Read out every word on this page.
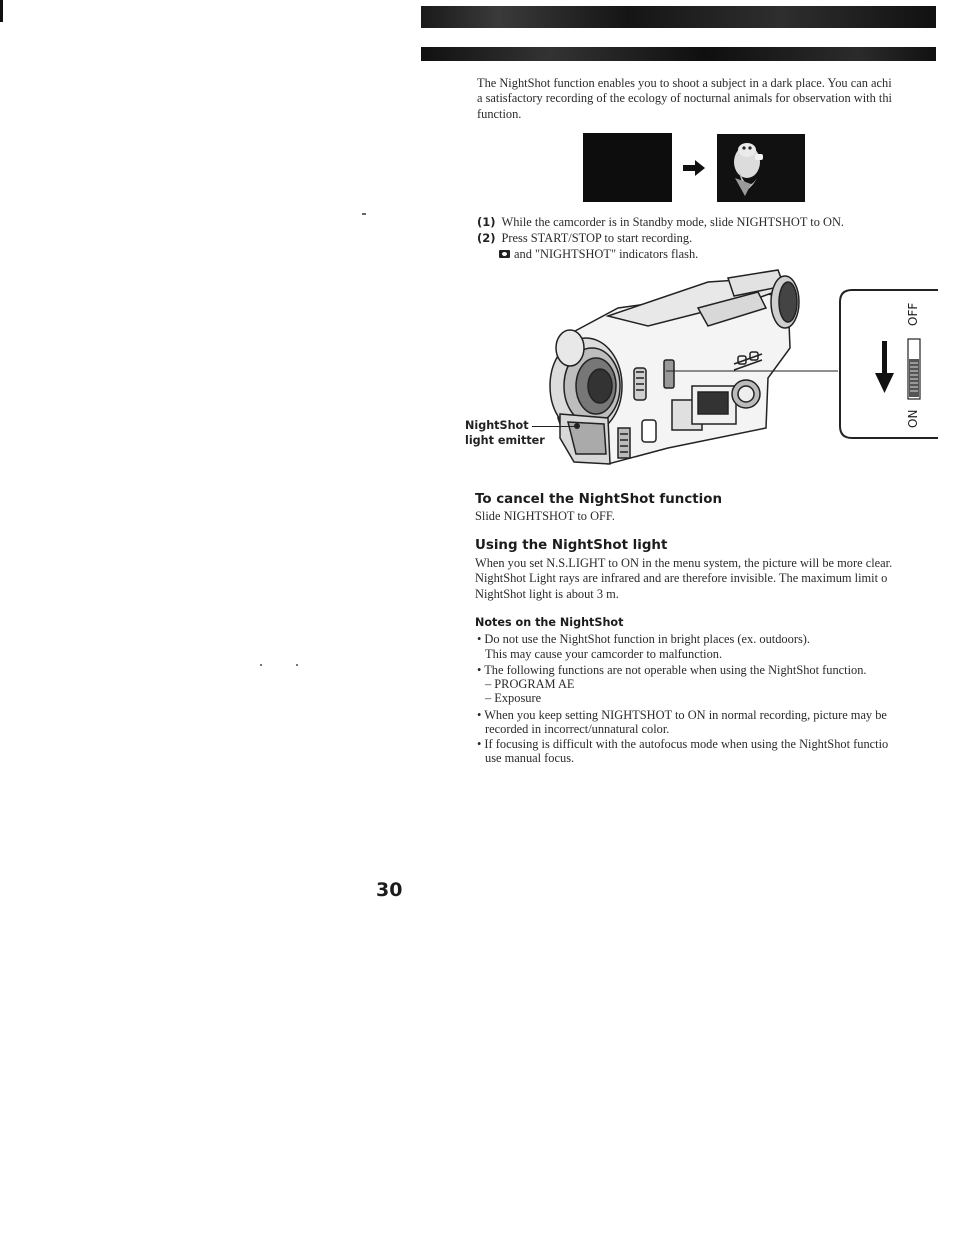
The NightShot function enables you to shoot a subject in a dark place. You can achi
a satisfactory recording of the ecology of nocturnal animals for observation with thi
function.
(1) While the camcorder is in Standby mode, slide NIGHTSHOT to ON.
(2) Press START/STOP to start recording.
and "NIGHTSHOT" indicators flash.
NightShot
light emitter
OFF
ON
To cancel the NightShot function
Slide NIGHTSHOT to OFF.
Using the NightShot light
When you set N.S.LIGHT to ON in the menu system, the picture will be more clear.
NightShot Light rays are infrared and are therefore invisible. The maximum limit o
NightShot light is about 3 m.
Notes on the NightShot
• Do not use the NightShot function in bright places (ex. outdoors).
This may cause your camcorder to malfunction.
• The following functions are not operable when using the NightShot function.
– PROGRAM AE
– Exposure
• When you keep setting NIGHTSHOT to ON in normal recording, picture may be
recorded in incorrect/unnatural color.
• If focusing is difficult with the autofocus mode when using the NightShot functio
use manual focus.
30
